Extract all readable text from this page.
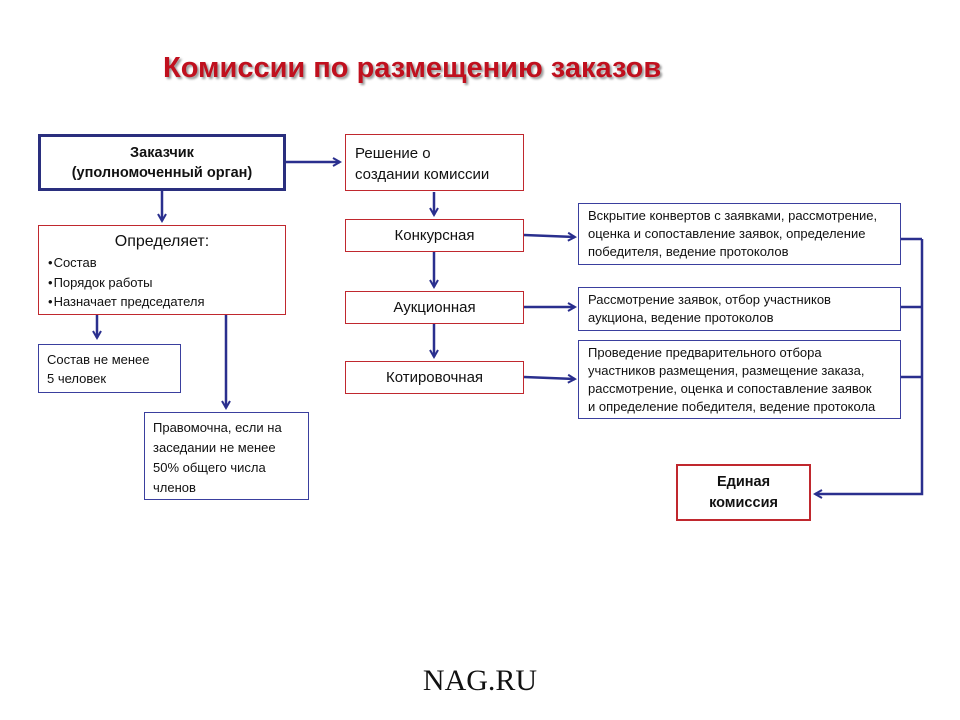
Комиссии по размещению заказов
Заказчик
(уполномоченный орган)
Решение о
создании комиссии
Определяет:
• Состав
• Порядок работы
• Назначает председателя
Состав не менее
5 человек
Правомочна, если на
заседании не менее
50% общего числа
членов
Конкурсная
Аукционная
Котировочная
Вскрытие конвертов с заявками, рассмотрение,
оценка и сопоставление заявок, определение
победителя, ведение протоколов
Рассмотрение заявок, отбор участников
аукциона, ведение протоколов
Проведение предварительного отбора
участников размещения, размещение заказа,
рассмотрение, оценка и сопоставление заявок
и определение победителя, ведение протокола
Единая
комиссия
NAG.RU
